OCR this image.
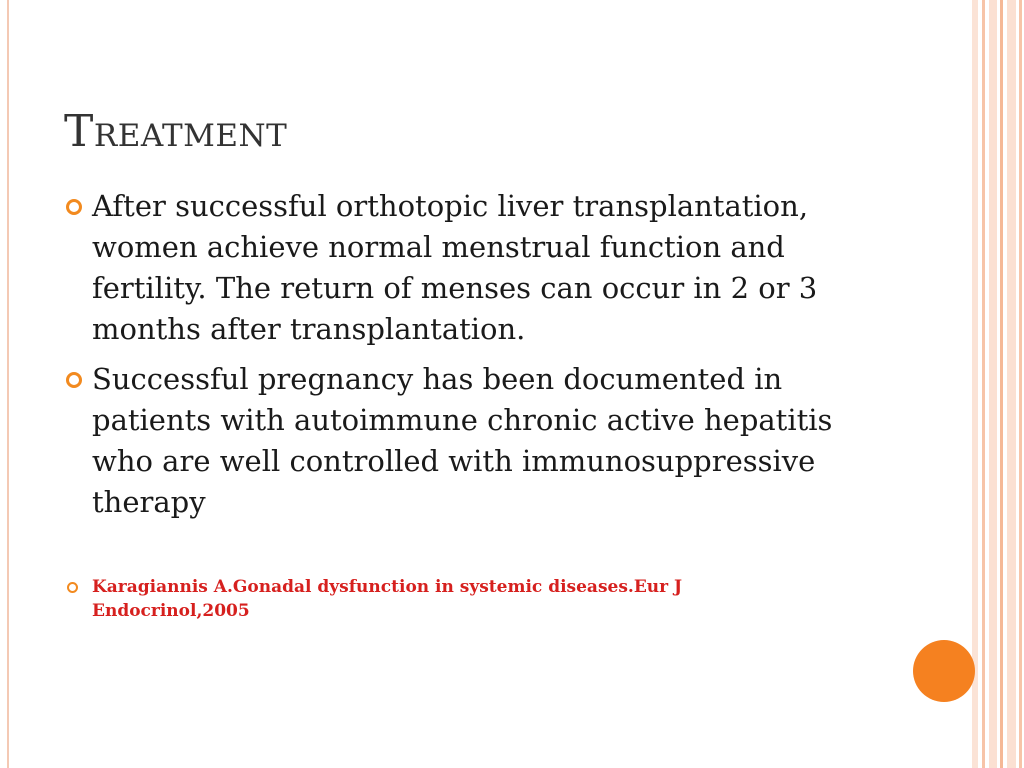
Treatment
After successful orthotopic liver transplantation, women achieve normal menstrual function and fertility. The return of menses can occur in 2 or 3 months after transplantation.
Successful pregnancy has been documented in patients with autoimmune chronic active hepatitis who are well controlled with immunosuppressive therapy
Karagiannis A.Gonadal dysfunction in systemic diseases.Eur J
Endocrinol,2005
